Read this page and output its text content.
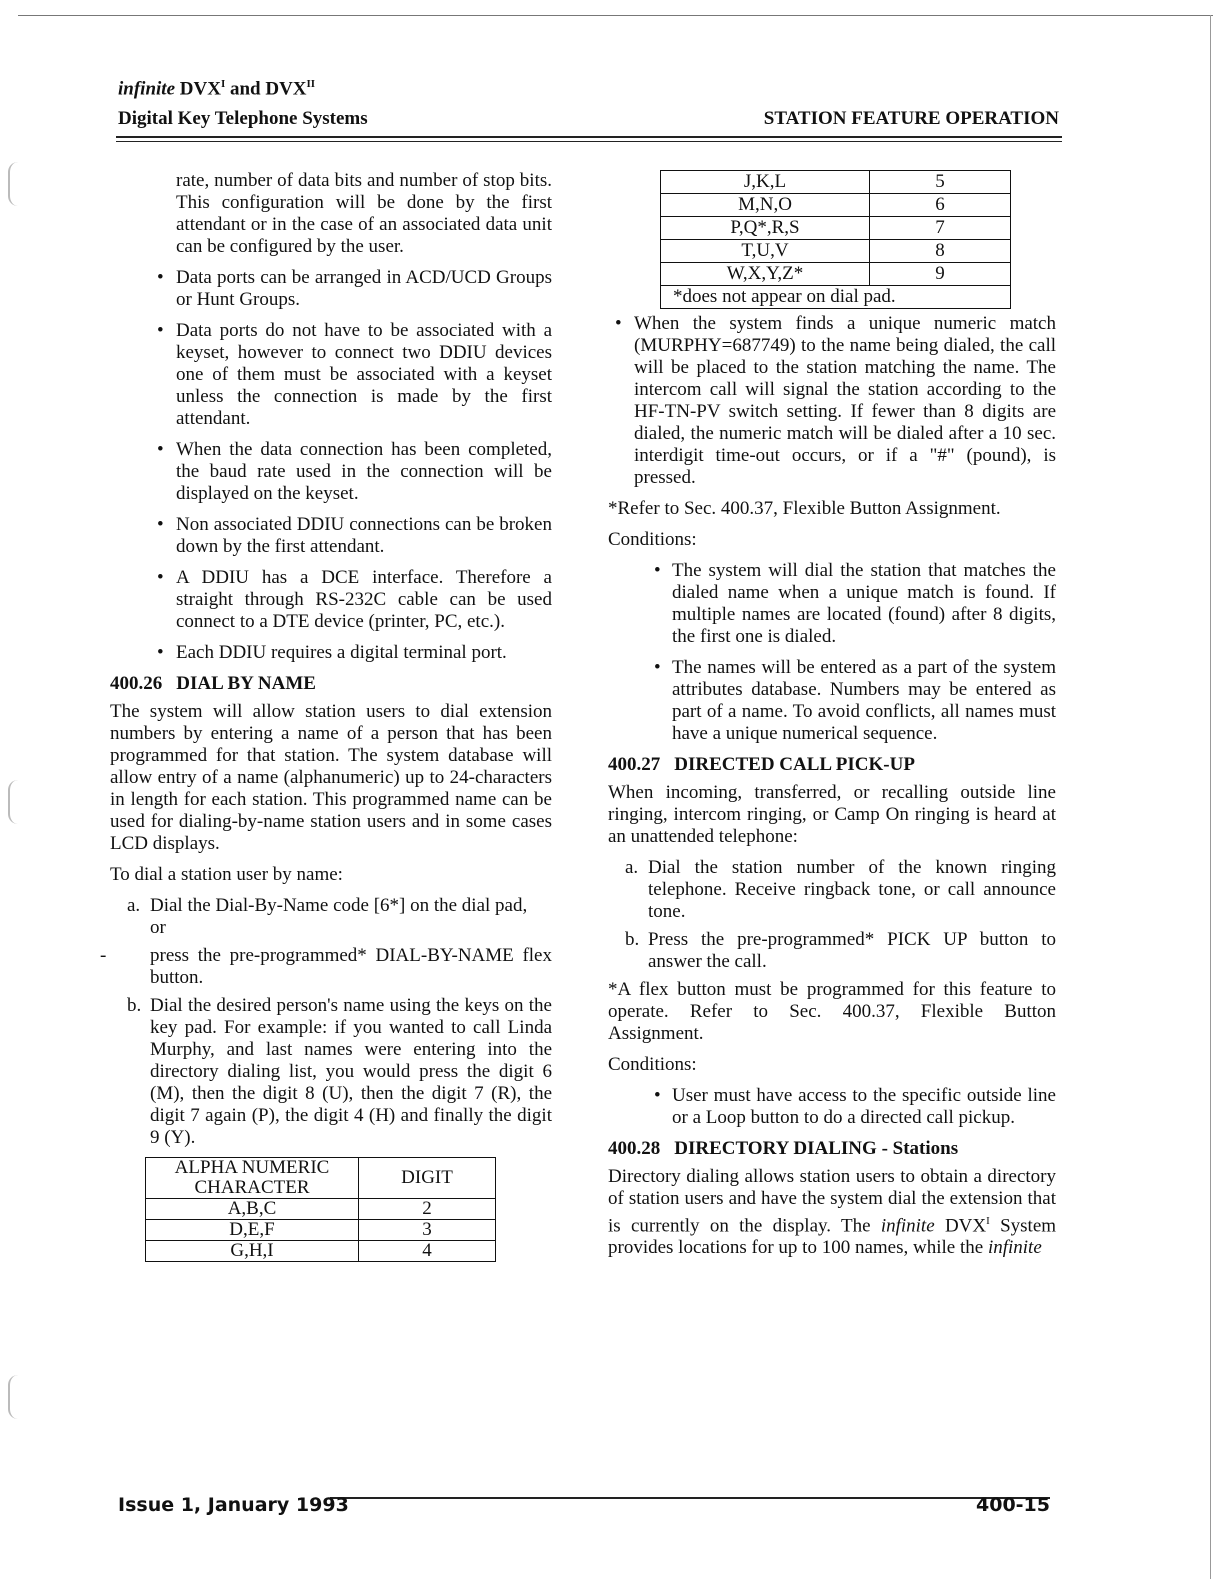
infinite $DVX^I$ and $DVX^{II}$
Digital Key Telephone Systems	STATION FEATURE OPERATION

rate, number of data bits and number of stop bits. This configuration will be done by the first attendant or in the case of an associated data unit can be configured by the user.

• Data ports can be arranged in ACD/UCD Groups or Hunt Groups.
• Data ports do not have to be associated with a keyset, however to connect two DDIU devices one of them must be associated with a keyset unless the connection is made by the first attendant.
• When the data connection has been completed, the baud rate used in the connection will be displayed on the keyset.
• Non associated DDIU connections can be broken down by the first attendant.
• A DDIU has a DCE interface. Therefore a straight through RS-232C cable can be used connect to a DTE device (printer, PC, etc.).
• Each DDIU requires a digital terminal port.
400.26 DIAL BY NAME

The system will allow station users to dial extension numbers by entering a name of a person that has been programmed for that station. The system database will allow entry of a name (alphanumeric) up to 24-characters in length for each station. This programmed name can be used for dialing-by-name station users and in some cases LCD displays.

To dial a station user by name:

a. Dial the Dial-By-Name code [6*] on the dial pad,
or
- press the pre-programmed* DIAL-BY-NAME flex button.
b. Dial the desired person's name using the keys on the key pad. For example: if you wanted to call Linda Murphy, and last names were entering into the directory dialing list, you would press the digit 6 (M), then the digit 8 (U), then the digit 7 (R), the digit 7 again (P), the digit 4 (H) and finally the digit 9 (Y).
ALPHA NUMERIC CHARACTER	DIGIT
A,B,C	2
D,E,F	3
G,H,I	4
J,K,L	5
M,N,O	6
P,Q*,R,S	7
T,U,V	8
W,X,Y,Z*	9
*does not appear on dial pad.	
• When the system finds a unique numeric match (MURPHY=687749) to the name being dialed, the call will be placed to the station matching the name. The intercom call will signal the station according to the HF-TN-PV switch setting. If fewer than 8 digits are dialed, the numeric match will be dialed after a 10 sec. interdigit time-out occurs, or if a "#" (pound), is pressed.

*Refer to Sec. 400.37, Flexible Button Assignment.

Conditions:

• The system will dial the station that matches the dialed name when a unique match is found. If multiple names are located (found) after 8 digits, the first one is dialed.
• The names will be entered as a part of the system attributes database. Numbers may be entered as part of a name. To avoid conflicts, all names must have a unique numerical sequence.
400.27 DIRECTED CALL PICK-UP

When incoming, transferred, or recalling outside line ringing, intercom ringing, or Camp On ringing is heard at an unattended telephone:

a. Dial the station number of the known ringing telephone. Receive ringback tone, or call announce tone.
b. Press the pre-programmed* PICK UP button to answer the call.

*A flex button must be programmed for this feature to operate. Refer to Sec. 400.37, Flexible Button Assignment.

Conditions:

• User must have access to the specific outside line or a Loop button to do a directed call pickup.
400.28 DIRECTORY DIALING - Stations

Directory dialing allows station users to obtain a directory of station users and have the system dial the extension that is currently on the display. The infinite $DVX^I$ System provides locations for up to 100 names, while the infinite

Issue 1, January 1993	400-15
